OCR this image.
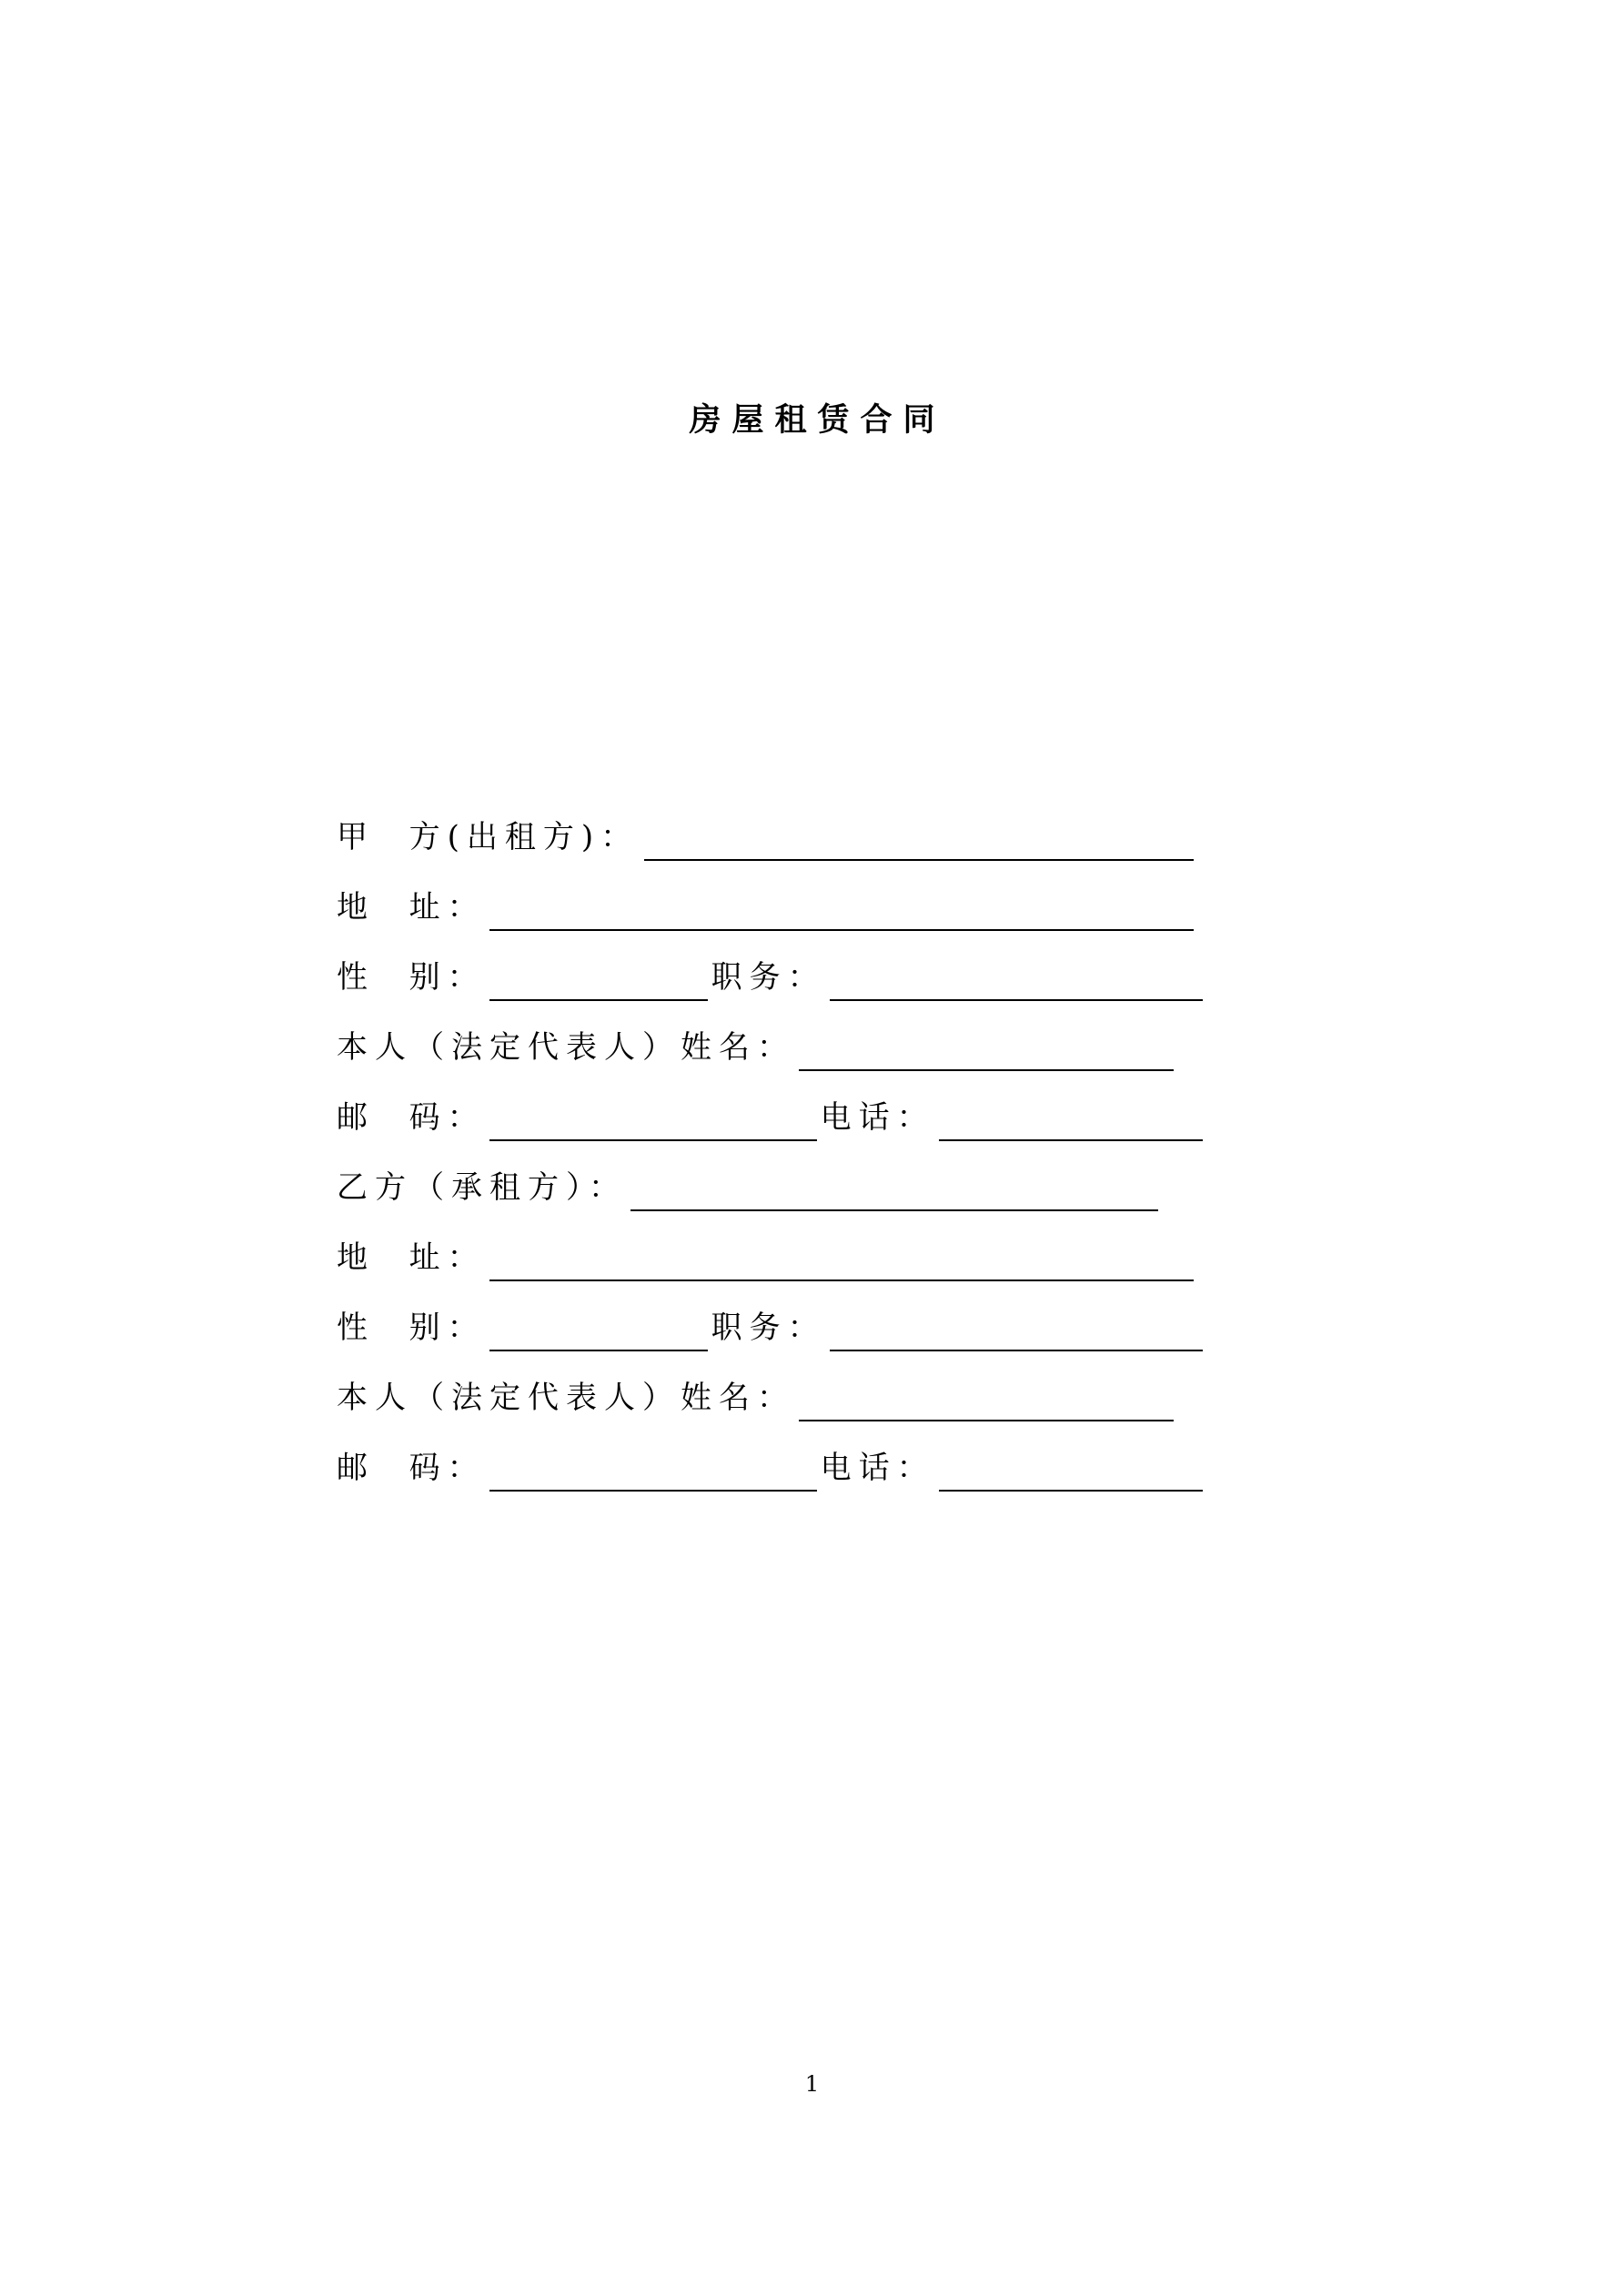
房屋租赁合同
甲  方(出租方)：
地  址：
性  别：	职务：
本人（法定代表人）姓名：
邮  码：	电话：
乙方（承租方）：
地  址：
性  别：	职务：
本人（法定代表人）姓名：
邮  码：	电话：
1
